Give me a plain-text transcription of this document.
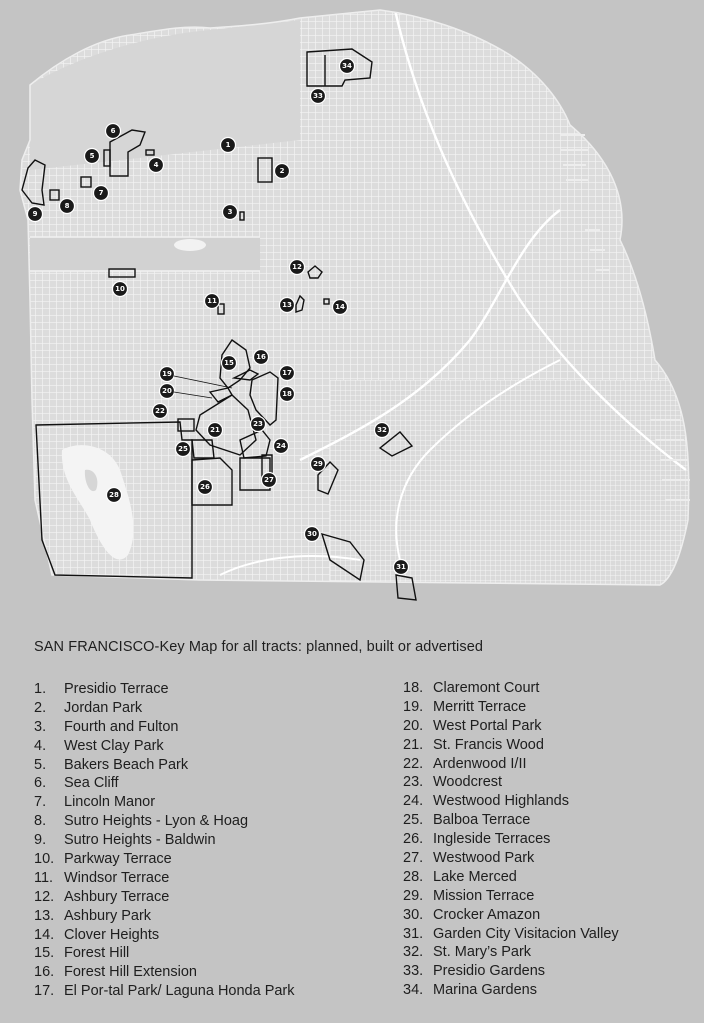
1
2
3
4
5
6
7
8
9
10
11
12
13	14
15
16
17
18
19
20
21
22
23
24
25
26
27
28
29
30
31
32
33
34
SAN FRANCISCO-Key Map for all tracts: planned, built or advertised
1.	Presidio Terrace
2.	Jordan Park
3.	Fourth and Fulton
4.	West Clay Park
5.	Bakers Beach Park
6.	Sea Cliff
7.	Lincoln Manor
8.	Sutro Heights - Lyon & Hoag
9.	Sutro Heights - Baldwin
10. Parkway Terrace
11. Windsor Terrace
12. Ashbury Terrace
13. Ashbury Park
14. Clover Heights
15. Forest Hill
16. Forest Hill Extension
17. El Por-tal Park/ Laguna Honda Park
18. Claremont Court
19. Merritt Terrace
20. West Portal Park
21. St. Francis Wood
22. Ardenwood I/II
23. Woodcrest
24. Westwood Highlands
25. Balboa Terrace
26. Ingleside Terraces
27. Westwood Park
28. Lake Merced
29. Mission Terrace
30. Crocker Amazon
31. Garden City Visitacion Valley
32. St. Mary’s Park
33. Presidio Gardens
34. Marina Gardens
